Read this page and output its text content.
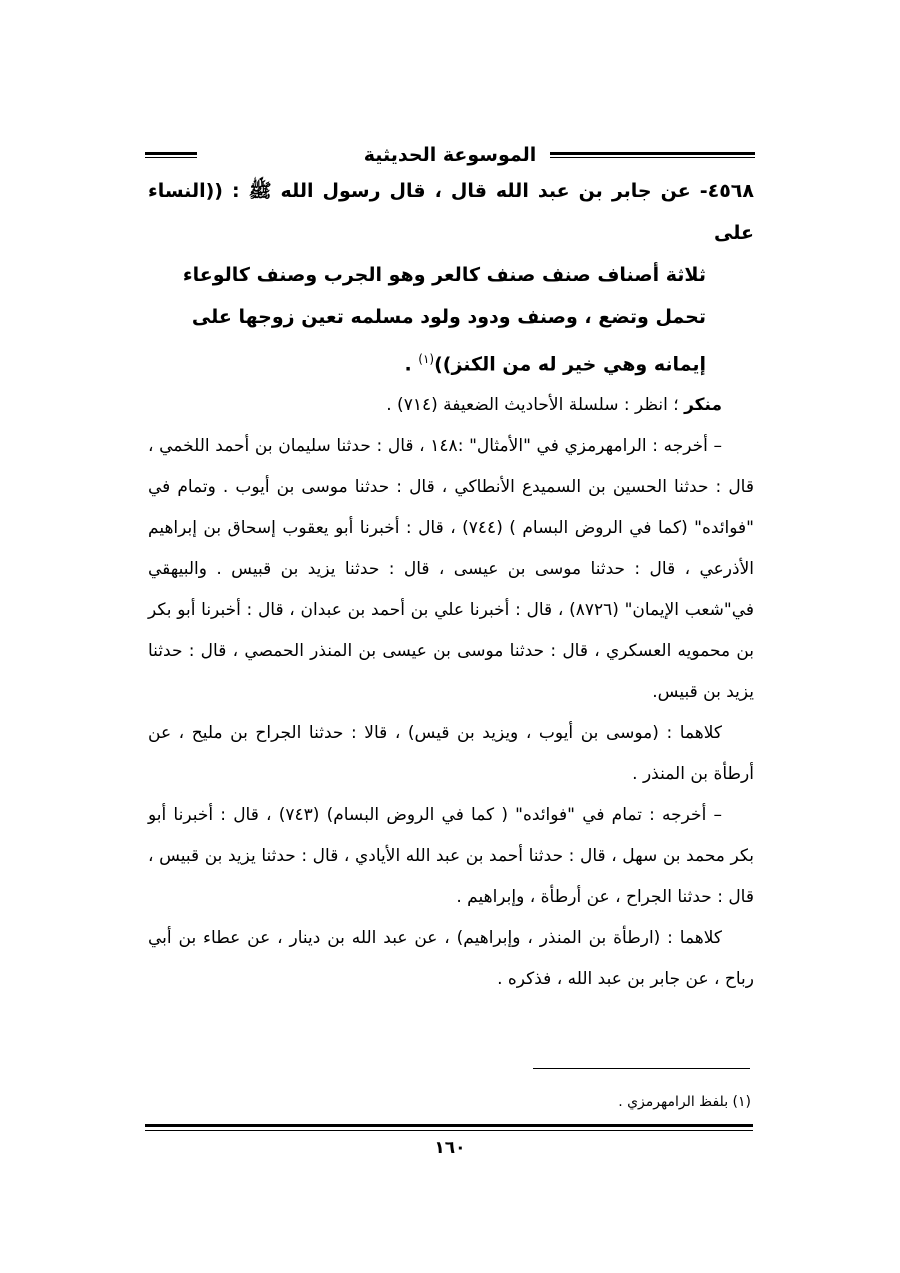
الموسوعة الحديثية
٤٥٦٨- عن جابر بن عبد الله قال ، قال رسول الله ﷺ : ((النساء على
ثلاثة أصناف صنف صنف كالعر وهو الجرب وصنف كالوعاء
تحمل وتضع ، وصنف ودود ولود مسلمه تعين زوجها على
إيمانه وهي خير له من الكنز))$^{(١)}$ .

منكر ؛ انظر : سلسلة الأحاديث الضعيفة (٧١٤) .

– أخرجه : الرامهرمزي في "الأمثال" :١٤٨ ، قال : حدثنا سليمان بن أحمد اللخمي ، قال : حدثنا الحسين بن السميدع الأنطاكي ، قال : حدثنا موسى بن أيوب . وتمام في "فوائده" (كما في الروض البسام ) (٧٤٤) ، قال : أخبرنا أبو يعقوب إسحاق بن إبراهيم الأذرعي ، قال : حدثنا موسى بن عيسى ، قال : حدثنا يزيد بن قبيس . والبيهقي في"شعب الإيمان" (٨٧٢٦) ، قال : أخبرنا علي بن أحمد بن عبدان ، قال : أخبرنا أبو بكر بن محمويه العسكري ، قال : حدثنا موسى بن عيسى بن المنذر الحمصي ، قال : حدثنا يزيد بن قبيس.

كلاهما : (موسى بن أيوب ، ويزيد بن قيس) ، قالا : حدثنا الجراح بن مليح ، عن أرطأة بن المنذر .

– أخرجه : تمام في "فوائده" ( كما في الروض البسام) (٧٤٣) ، قال : أخبرنا أبو بكر محمد بن سهل ، قال : حدثنا أحمد بن عبد الله الأيادي ، قال : حدثنا يزيد بن قبيس ، قال : حدثنا الجراح ، عن أرطأة ، وإبراهيم .

كلاهما : (ارطأة بن المنذر ، وإبراهيم) ، عن عبد الله بن دينار ، عن عطاء بن أبي رباح ، عن جابر بن عبد الله ، فذكره .

(١) بلفظ الرامهرمزي .
١٦٠
